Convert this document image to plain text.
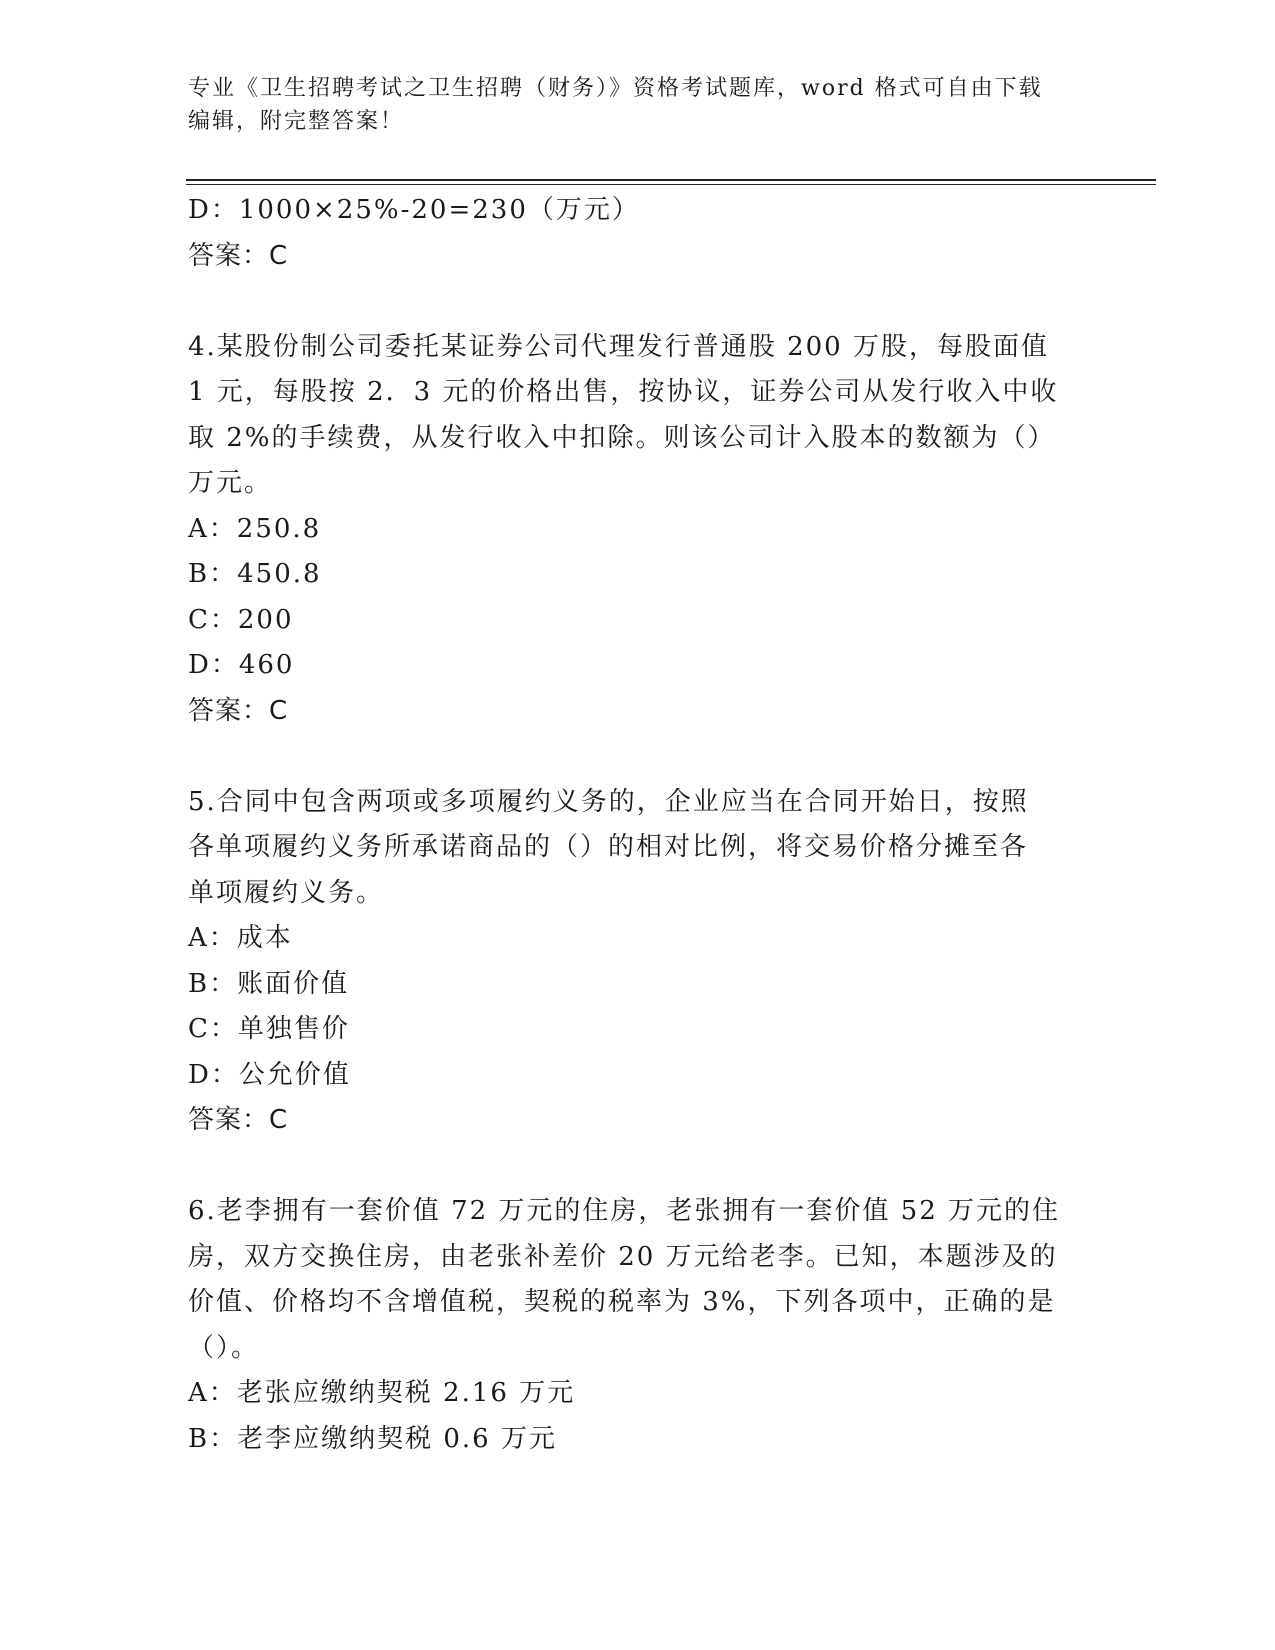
专业《卫生招聘考试之卫生招聘（财务）》资格考试题库，word 格式可自由下载
编辑，附完整答案！
D：1000×25%-20=230（万元）
答案：C
4.某股份制公司委托某证券公司代理发行普通股 200 万股，每股面值
1 元，每股按 2．3 元的价格出售，按协议，证券公司从发行收入中收
取 2%的手续费，从发行收入中扣除。则该公司计入股本的数额为（）
万元。
A：250.8
B：450.8
C：200
D：460
答案：C
5.合同中包含两项或多项履约义务的，企业应当在合同开始日，按照
各单项履约义务所承诺商品的（）的相对比例，将交易价格分摊至各
单项履约义务。
A：成本
B：账面价值
C：单独售价
D：公允价值
答案：C
6.老李拥有一套价值 72 万元的住房，老张拥有一套价值 52 万元的住
房，双方交换住房，由老张补差价 20 万元给老李。已知，本题涉及的
价值、价格均不含增值税，契税的税率为 3%，下列各项中，正确的是
（）。
A：老张应缴纳契税 2.16 万元
B：老李应缴纳契税 0.6 万元
